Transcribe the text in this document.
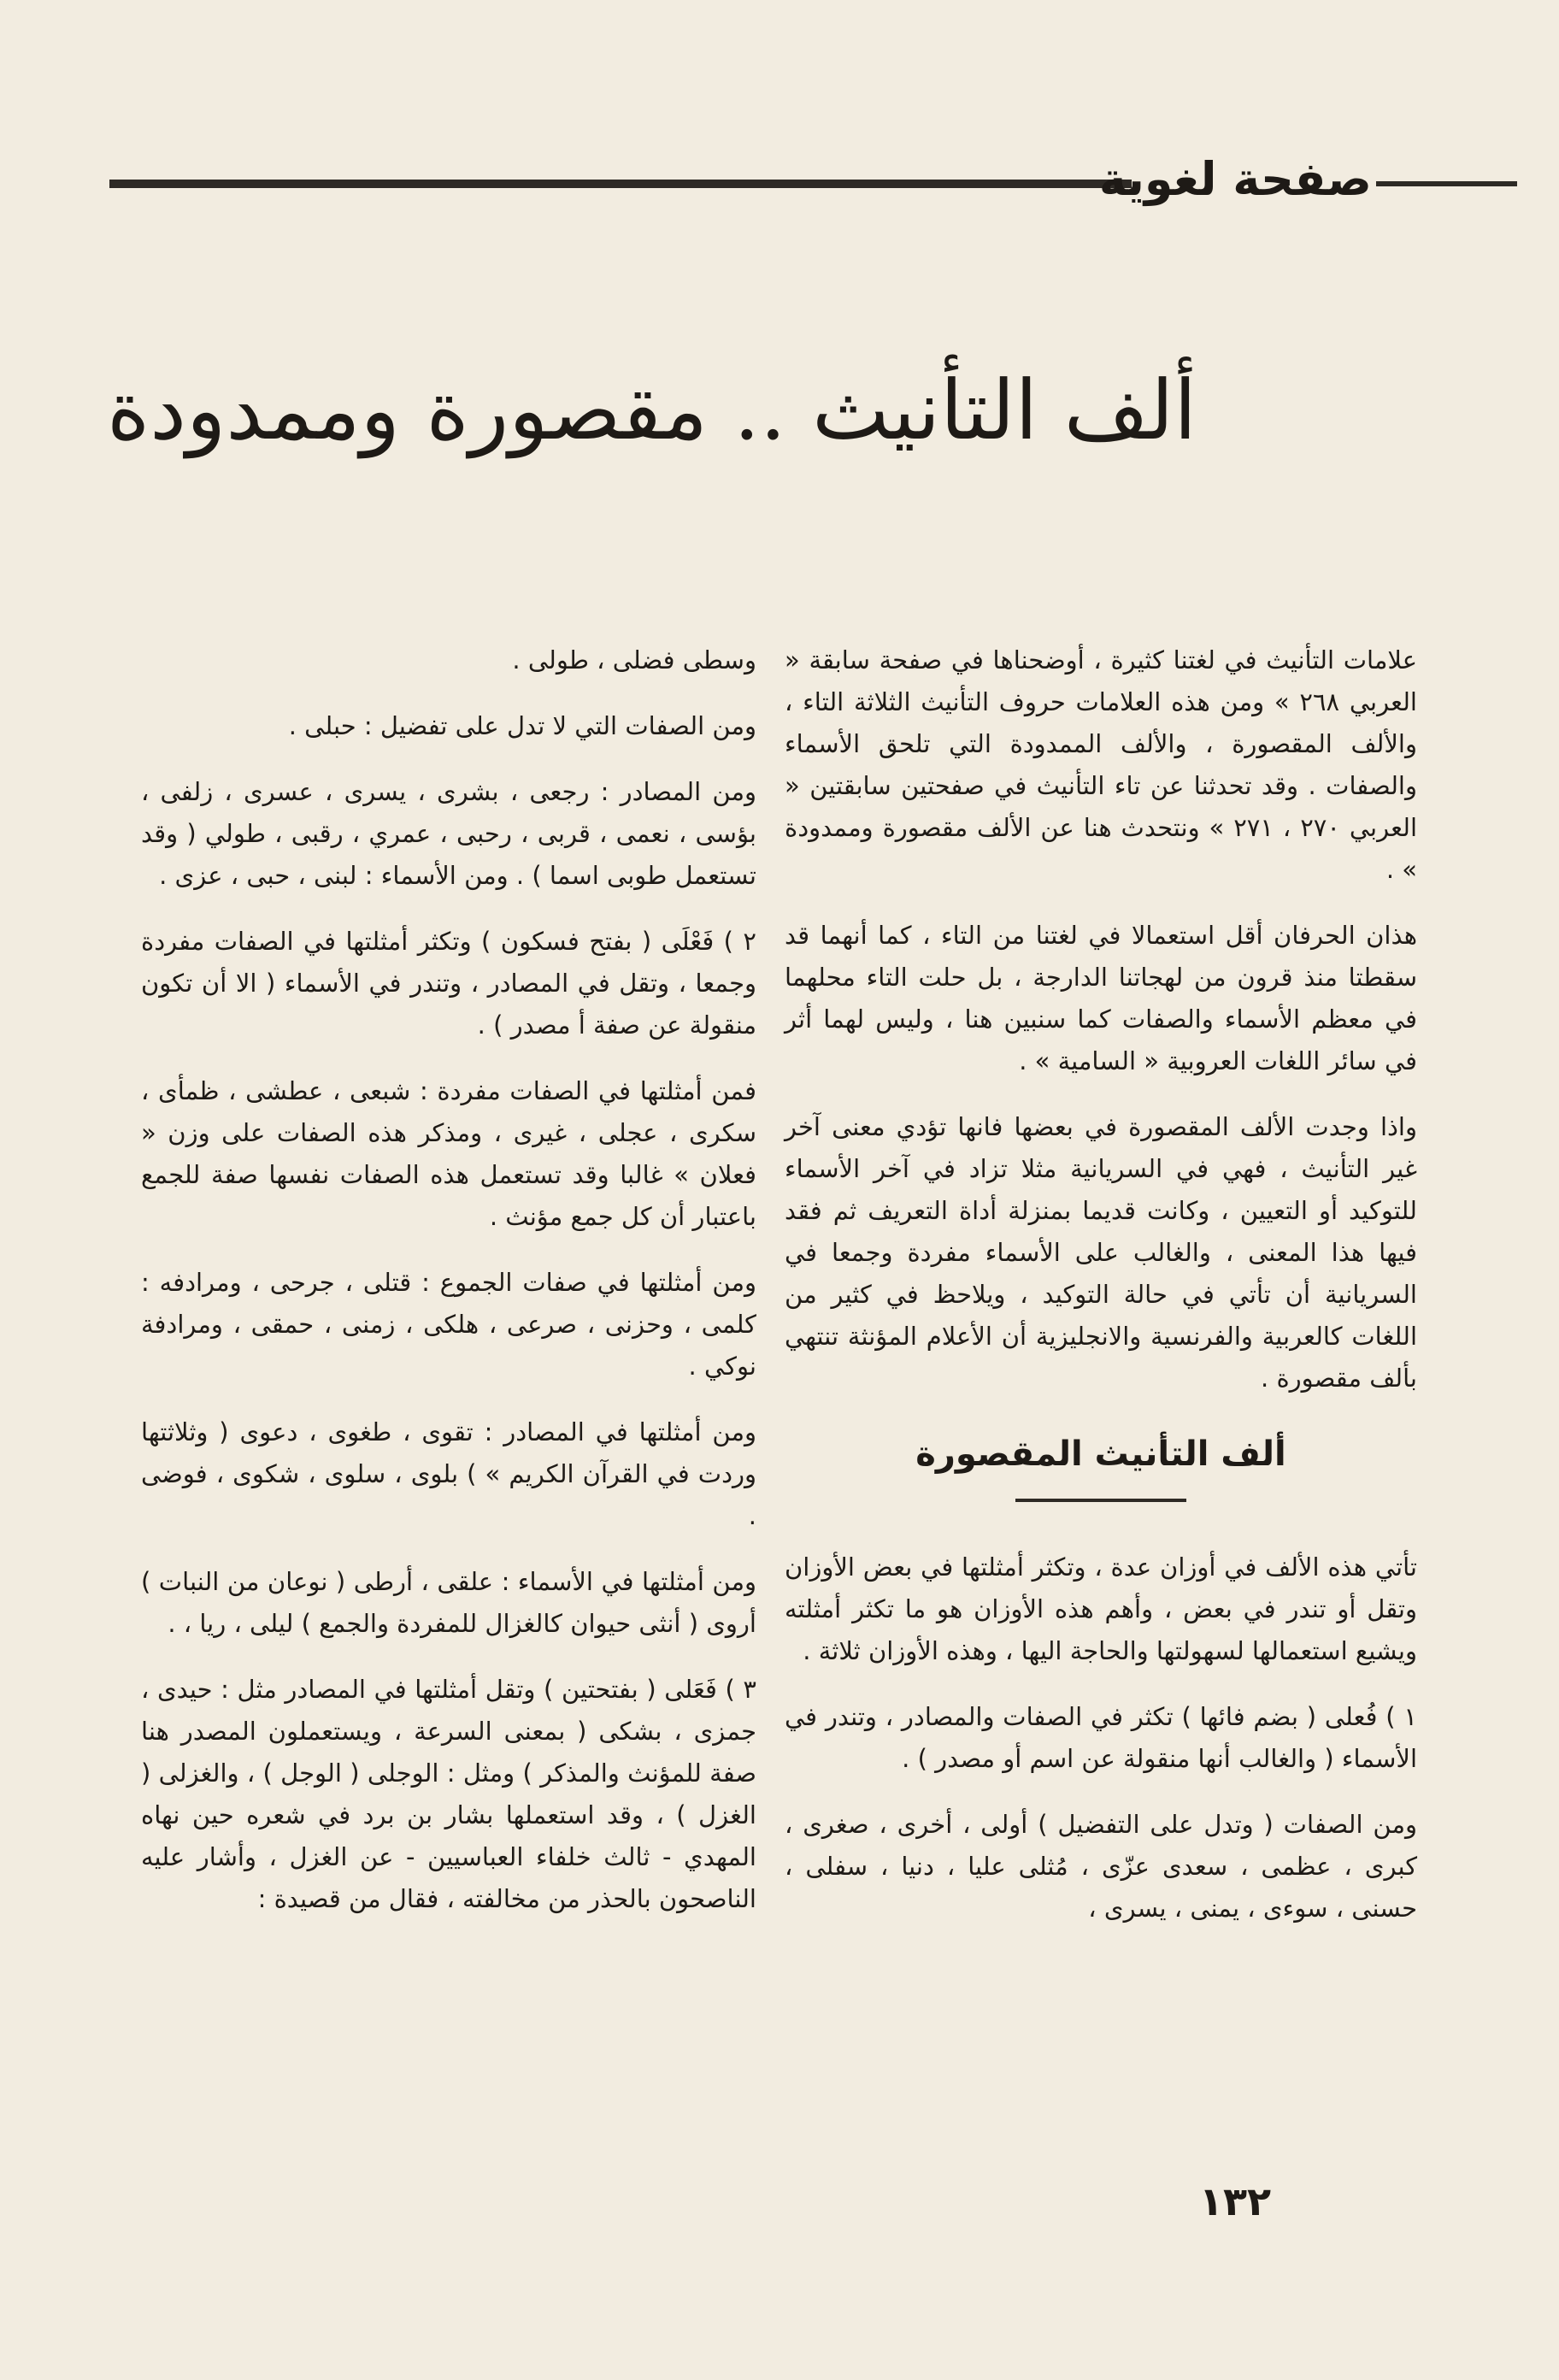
صفحة لغوية
ألف التأنيث .. مقصورة وممدودة

علامات التأنيث في لغتنا كثيرة ، أوضحناها في صفحة سابقة « العربي ٢٦٨ » ومن هذه العلامات حروف التأنيث الثلاثة التاء ، والألف المقصورة ، والألف الممدودة التي تلحق الأسماء والصفات . وقد تحدثنا عن تاء التأنيث في صفحتين سابقتين « العربي ٢٧٠ ، ٢٧١ » ونتحدث هنا عن الألف مقصورة وممدودة » .

هذان الحرفان أقل استعمالا في لغتنا من التاء ، كما أنهما قد سقطتا منذ قرون من لهجاتنا الدارجة ، بل حلت التاء محلهما في معظم الأسماء والصفات كما سنبين هنا ، وليس لهما أثر في سائر اللغات العروبية « السامية » .

واذا وجدت الألف المقصورة في بعضها فانها تؤدي معنى آخر غير التأنيث ، فهي في السريانية مثلا تزاد في آخر الأسماء للتوكيد أو التعيين ، وكانت قديما بمنزلة أداة التعريف ثم فقد فيها هذا المعنى ، والغالب على الأسماء مفردة وجمعا في السريانية أن تأتي في حالة التوكيد ، ويلاحظ في كثير من اللغات كالعربية والفرنسية والانجليزية أن الأعلام المؤنثة تنتهي بألف مقصورة .

ألف التأنيث المقصورة

تأتي هذه الألف في أوزان عدة ، وتكثر أمثلتها في بعض الأوزان وتقل أو تندر في بعض ، وأهم هذه الأوزان هو ما تكثر أمثلته ويشيع استعمالها لسهولتها والحاجة اليها ، وهذه الأوزان ثلاثة .

١ ) فُعلى ( بضم فائها ) تكثر في الصفات والمصادر ، وتندر في الأسماء ( والغالب أنها منقولة عن اسم أو مصدر ) .

ومن الصفات ( وتدل على التفضيل ) أولى ، أخرى ، صغرى ، كبرى ، عظمى ، سعدى عزّى ، مُثلى عليا ، دنيا ، سفلى ، حسنى ، سوءى ، يمنى ، يسرى ،

وسطى فضلى ، طولى .

ومن الصفات التي لا تدل على تفضيل : حبلى .

ومن المصادر : رجعى ، بشرى ، يسرى ، عسرى ، زلفى ، بؤسى ، نعمى ، قربى ، رحبى ، عمري ، رقبى ، طولي ( وقد تستعمل طوبى اسما ) . ومن الأسماء : لبنى ، حبى ، عزى .

٢ ) فَعْلَى ( بفتح فسكون ) وتكثر أمثلتها في الصفات مفردة وجمعا ، وتقل في المصادر ، وتندر في الأسماء ( الا أن تكون منقولة عن صفة أ مصدر ) .

فمن أمثلتها في الصفات مفردة : شبعى ، عطشى ، ظمأى ، سكرى ، عجلى ، غيرى ، ومذكر هذه الصفات على وزن « فعلان » غالبا وقد تستعمل هذه الصفات نفسها صفة للجمع باعتبار أن كل جمع مؤنث .

ومن أمثلتها في صفات الجموع : قتلى ، جرحى ، ومرادفه : كلمى ، وحزنى ، صرعى ، هلكى ، زمنى ، حمقى ، ومرادفة نوكي .

ومن أمثلتها في المصادر : تقوى ، طغوى ، دعوى ( وثلاثتها وردت في القرآن الكريم » ) بلوى ، سلوى ، شكوى ، فوضى .

ومن أمثلتها في الأسماء : علقى ، أرطى ( نوعان من النبات ) أروى ( أنثى حيوان كالغزال للمفردة والجمع ) ليلى ، ريا ، .

٣ ) فَعَلى ( بفتحتين ) وتقل أمثلتها في المصادر مثل : حيدى ، جمزى ، بشكى ( بمعنى السرعة ، ويستعملون المصدر هنا صفة للمؤنث والمذكر ) ومثل : الوجلى ( الوجل ) ، والغزلى ( الغزل ) ، وقد استعملها بشار بن برد في شعره حين نهاه المهدي - ثالث خلفاء العباسيين - عن الغزل ، وأشار عليه الناصحون بالحذر من مخالفته ، فقال من قصيدة :

١٣٢
